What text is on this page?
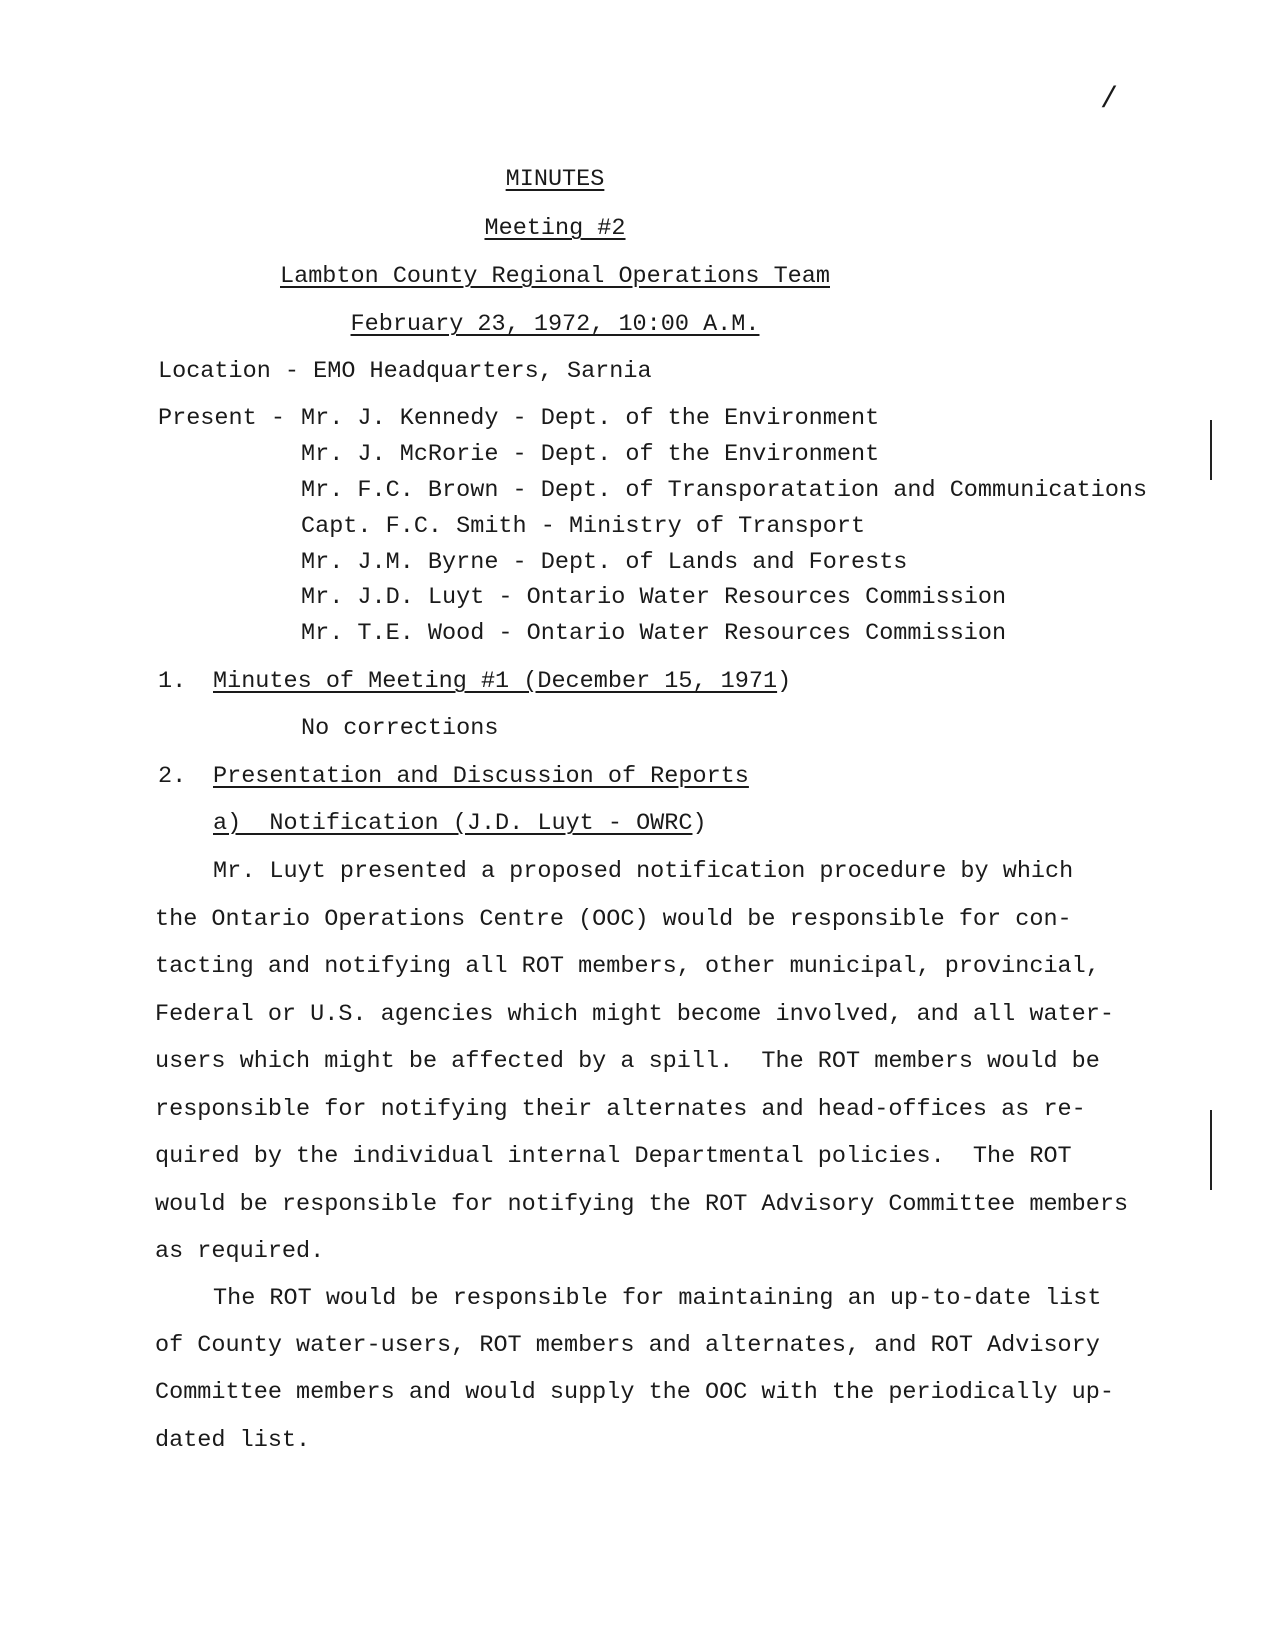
/
MINUTES
Meeting #2
Lambton County Regional Operations Team
February 23, 1972, 10:00 A.M.
Location - EMO Headquarters, Sarnia
Present - Mr. J. Kennedy - Dept. of the Environment
Mr. J. McRorie - Dept. of the Environment
Mr. F.C. Brown - Dept. of Transporatation and Communications
Capt. F.C. Smith - Ministry of Transport
Mr. J.M. Byrne - Dept. of Lands and Forests
Mr. J.D. Luyt - Ontario Water Resources Commission
Mr. T.E. Wood - Ontario Water Resources Commission
1. Minutes of Meeting #1 (December 15, 1971)
No corrections
2. Presentation and Discussion of Reports
a)  Notification (J.D. Luyt - OWRC)
Mr. Luyt presented a proposed notification procedure by which
the Ontario Operations Centre (OOC) would be responsible for con-
tacting and notifying all ROT members, other municipal, provincial,
Federal or U.S. agencies which might become involved, and all water-
users which might be affected by a spill.  The ROT members would be
responsible for notifying their alternates and head-offices as re-
quired by the individual internal Departmental policies.  The ROT
would be responsible for notifying the ROT Advisory Committee members
as required.
The ROT would be responsible for maintaining an up-to-date list
of County water-users, ROT members and alternates, and ROT Advisory
Committee members and would supply the OOC with the periodically up-
dated list.
